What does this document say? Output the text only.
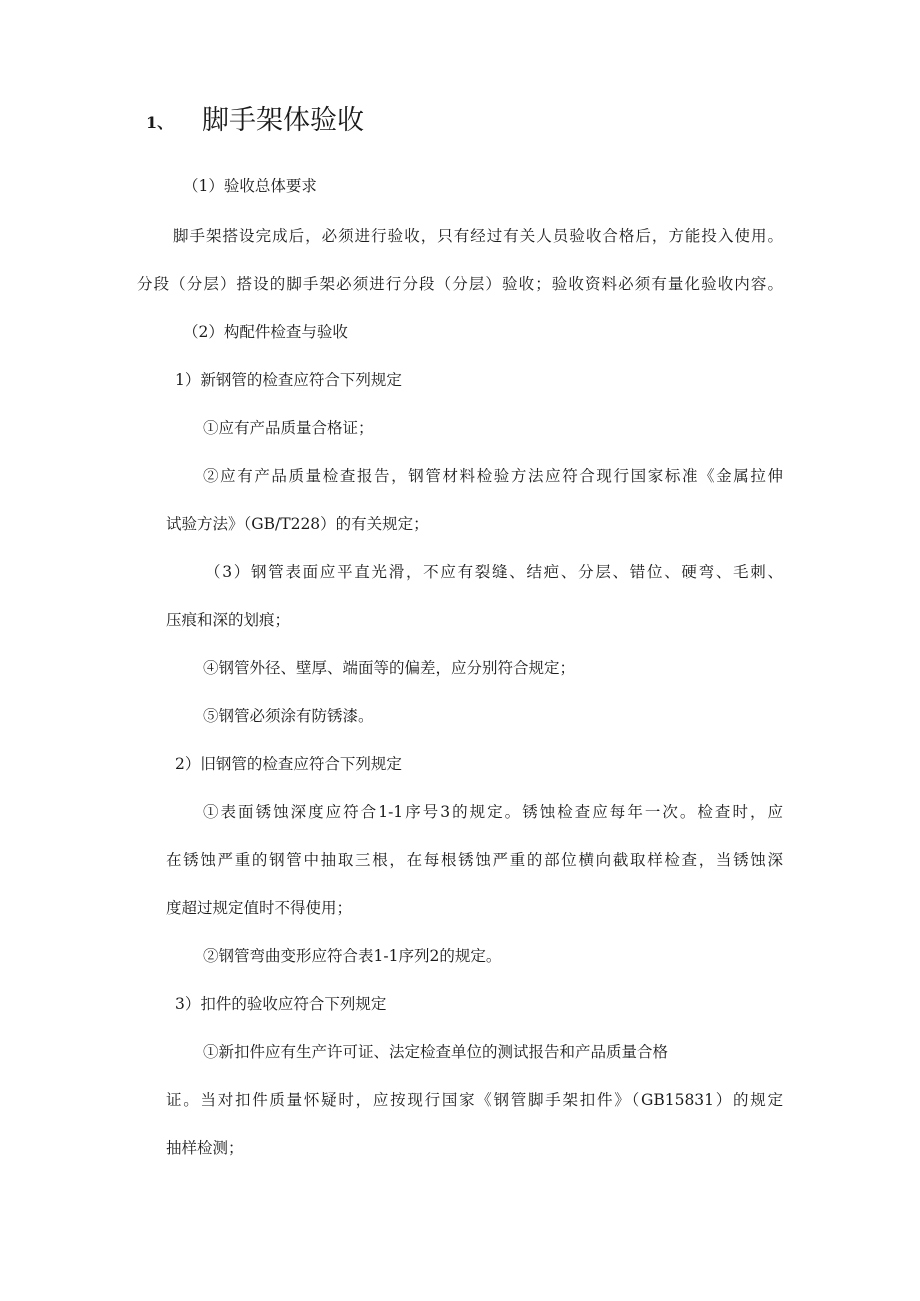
1、	脚手架体验收
（1）验收总体要求
脚手架搭设完成后，必须进行验收，只有经过有关人员验收合格后，方能投入使用。
分段（分层）搭设的脚手架必须进行分段（分层）验收；验收资料必须有量化验收内容。
（2）构配件检查与验收
1）新钢管的检查应符合下列规定
①应有产品质量合格证；
②应有产品质量检查报告，钢管材料检验方法应符合现行国家标准《金属拉伸
试验方法》（GB/T228）的有关规定；
（3）钢管表面应平直光滑，不应有裂缝、结疤、分层、错位、硬弯、毛刺、
压痕和深的划痕；
④钢管外径、壁厚、端面等的偏差，应分别符合规定；
⑤钢管必须涂有防锈漆。
2）旧钢管的检查应符合下列规定
①表面锈蚀深度应符合1-1序号3的规定。锈蚀检查应每年一次。检查时，应
在锈蚀严重的钢管中抽取三根，在每根锈蚀严重的部位横向截取样检查，当锈蚀深
度超过规定值时不得使用；
②钢管弯曲变形应符合表1-1序列2的规定。
3）扣件的验收应符合下列规定
①新扣件应有生产许可证、法定检查单位的测试报告和产品质量合格
证。当对扣件质量怀疑时，应按现行国家《钢管脚手架扣件》（GB15831）的规定
抽样检测；
